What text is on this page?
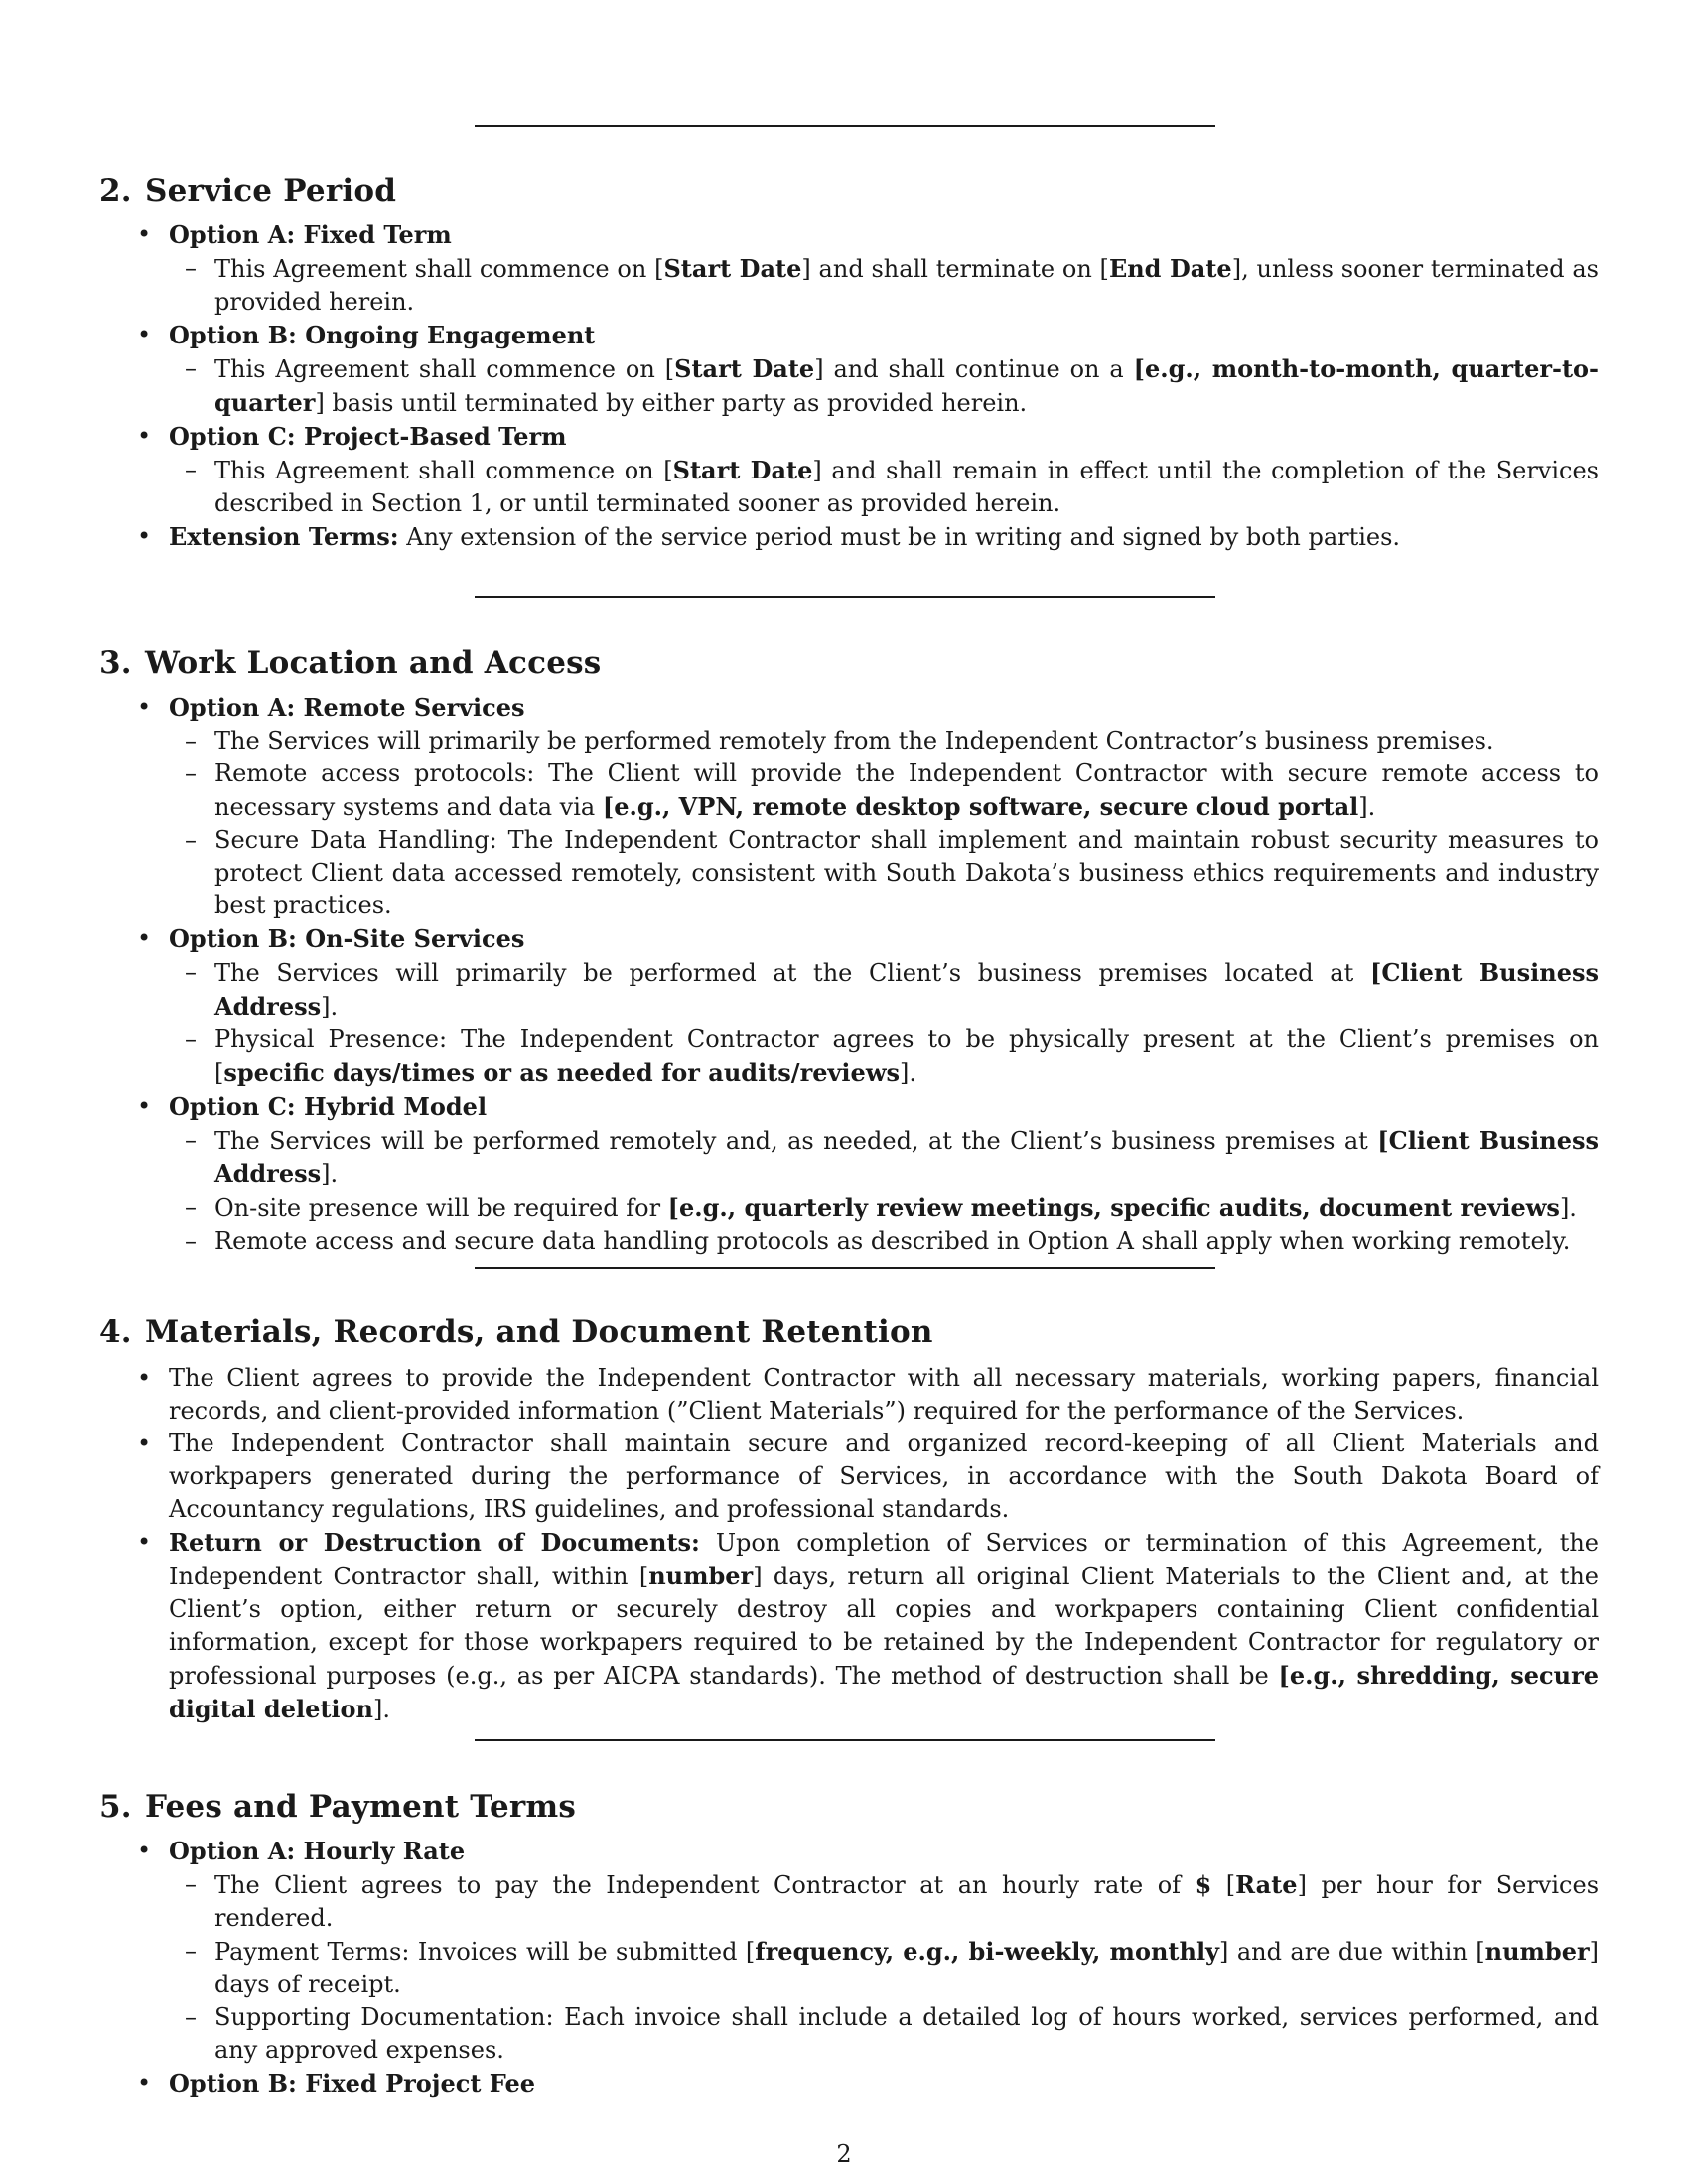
2. Service Period
• Option A: Fixed Term
– This Agreement shall commence on [Start Date] and shall terminate on [End Date], unless sooner terminated as provided herein.
• Option B: Ongoing Engagement
– This Agreement shall commence on [Start Date] and shall continue on a [e.g., month-to-month, quarter-to-quarter] basis until terminated by either party as provided herein.
• Option C: Project-Based Term
– This Agreement shall commence on [Start Date] and shall remain in effect until the completion of the Services described in Section 1, or until terminated sooner as provided herein.
• Extension Terms: Any extension of the service period must be in writing and signed by both parties.
3. Work Location and Access
• Option A: Remote Services
– The Services will primarily be performed remotely from the Independent Contractor’s business premises.
– Remote access protocols: The Client will provide the Independent Contractor with secure remote access to necessary systems and data via [e.g., VPN, remote desktop software, secure cloud portal].
– Secure Data Handling: The Independent Contractor shall implement and maintain robust security measures to protect Client data accessed remotely, consistent with South Dakota’s business ethics requirements and industry best practices.
• Option B: On-Site Services
– The Services will primarily be performed at the Client’s business premises located at [Client Business Address].
– Physical Presence: The Independent Contractor agrees to be physically present at the Client’s premises on [specific days/times or as needed for audits/reviews].
• Option C: Hybrid Model
– The Services will be performed remotely and, as needed, at the Client’s business premises at [Client Business Address].
– On-site presence will be required for [e.g., quarterly review meetings, specific audits, document reviews].
– Remote access and secure data handling protocols as described in Option A shall apply when working remotely.
4. Materials, Records, and Document Retention
• The Client agrees to provide the Independent Contractor with all necessary materials, working papers, financial records, and client-provided information (”Client Materials”) required for the performance of the Services.
• The Independent Contractor shall maintain secure and organized record-keeping of all Client Materials and workpapers generated during the performance of Services, in accordance with the South Dakota Board of Accountancy regulations, IRS guidelines, and professional standards.
• Return or Destruction of Documents: Upon completion of Services or termination of this Agreement, the Independent Contractor shall, within [number] days, return all original Client Materials to the Client and, at the Client’s option, either return or securely destroy all copies and workpapers containing Client confidential information, except for those workpapers required to be retained by the Independent Contractor for regulatory or professional purposes (e.g., as per AICPA standards). The method of destruction shall be [e.g., shredding, secure digital deletion].
5. Fees and Payment Terms
• Option A: Hourly Rate
– The Client agrees to pay the Independent Contractor at an hourly rate of $ [Rate] per hour for Services rendered.
– Payment Terms: Invoices will be submitted [frequency, e.g., bi-weekly, monthly] and are due within [number] days of receipt.
– Supporting Documentation: Each invoice shall include a detailed log of hours worked, services performed, and any approved expenses.
• Option B: Fixed Project Fee
2
